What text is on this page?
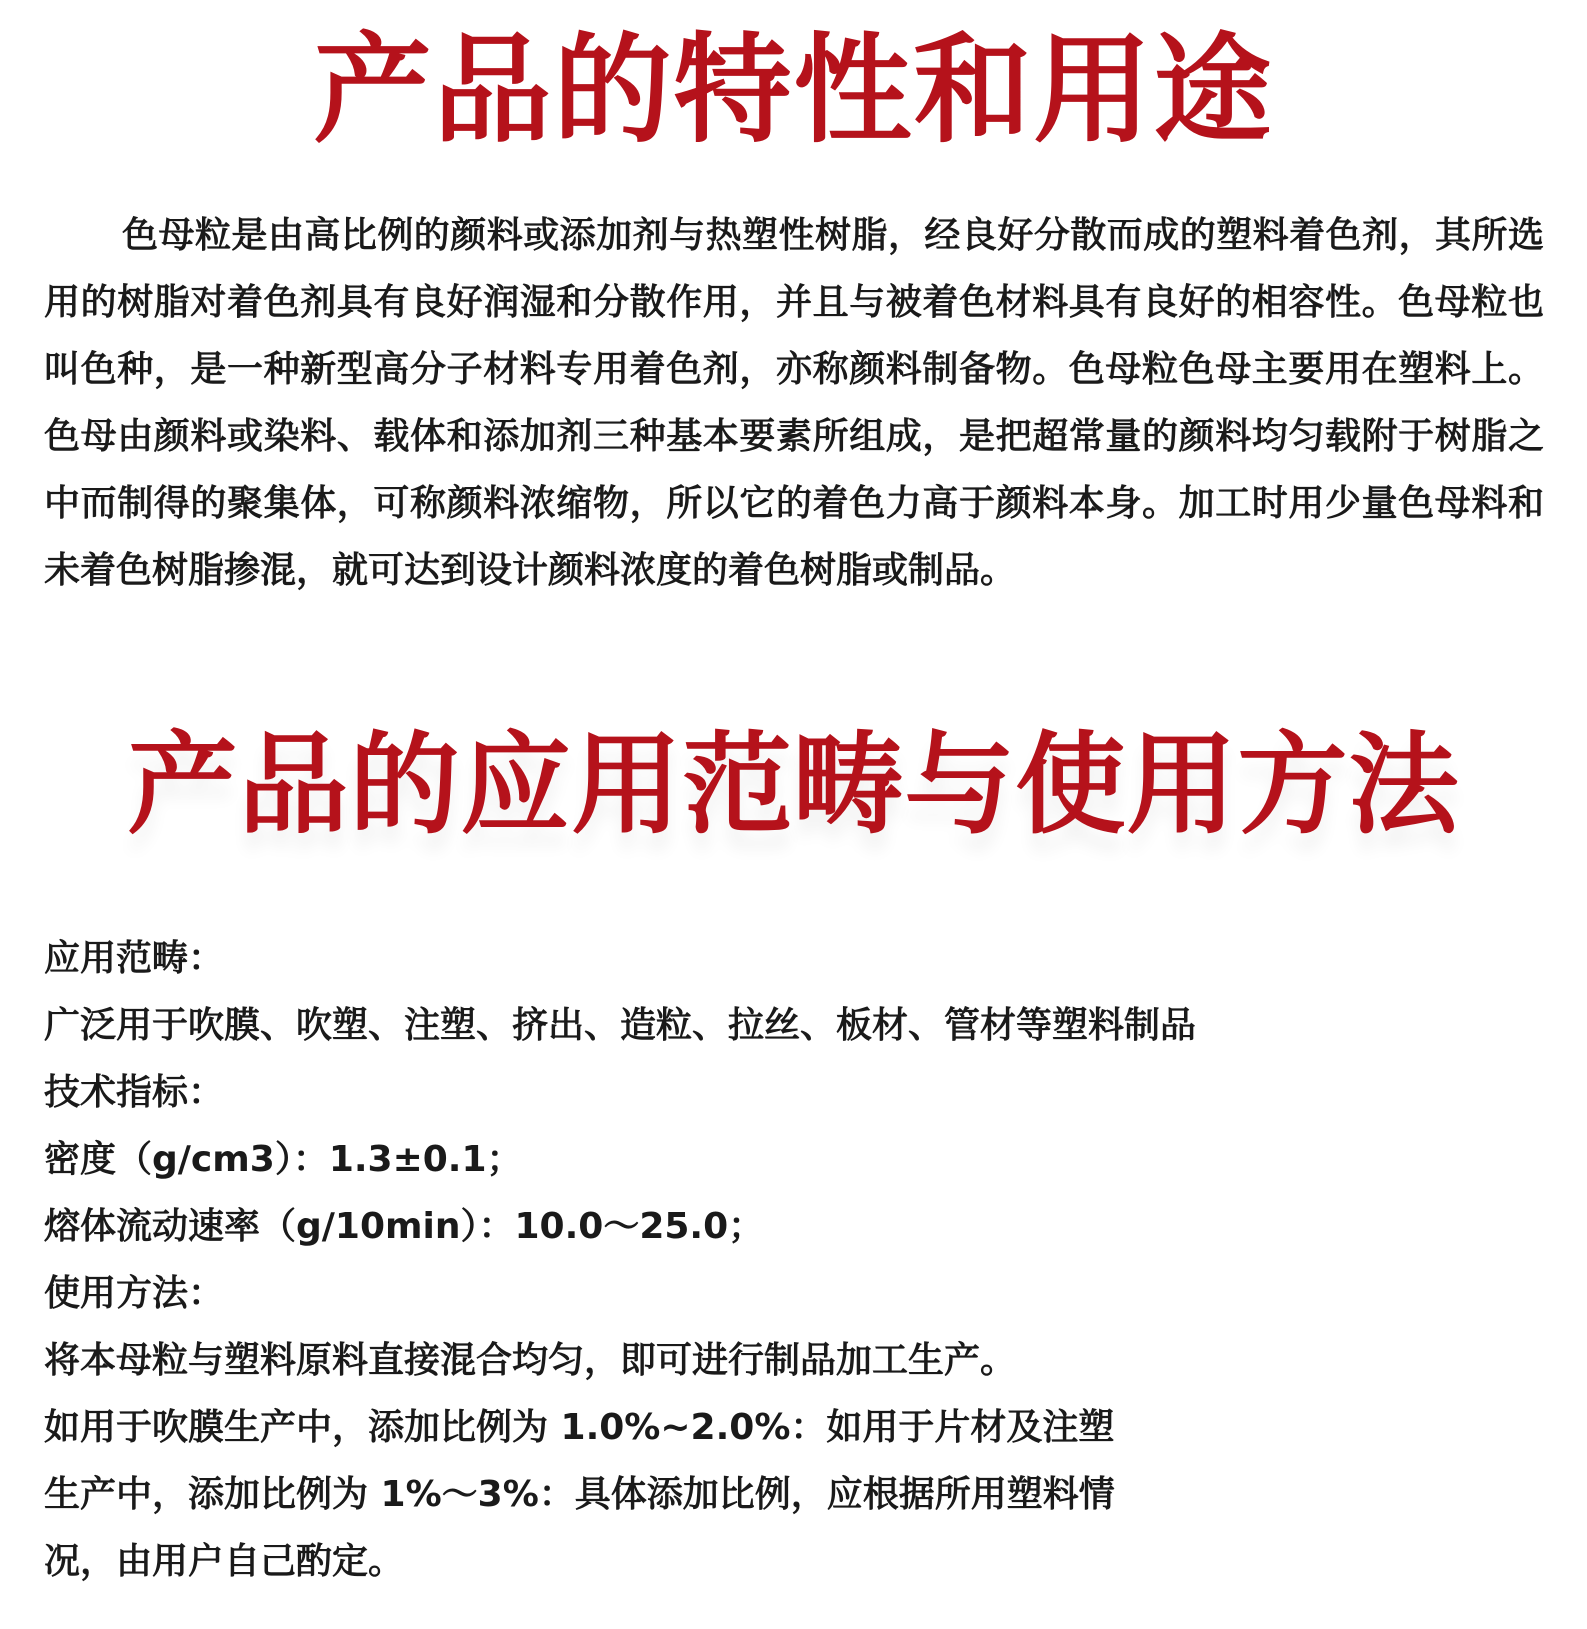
产品的特性和用途

色母粒是由高比例的颜料或添加剂与热塑性树脂，经良好分散而成的塑料着色剂，其所选用的树脂对着色剂具有良好润湿和分散作用，并且与被着色材料具有良好的相容性。色母粒也叫色种，是一种新型高分子材料专用着色剂，亦称颜料制备物。色母粒色母主要用在塑料上。色母由颜料或染料、载体和添加剂三种基本要素所组成，是把超常量的颜料均匀载附于树脂之中而制得的聚集体，可称颜料浓缩物，所以它的着色力高于颜料本身。加工时用少量色母料和未着色树脂掺混，就可达到设计颜料浓度的着色树脂或制品。

产品的应用范畴与使用方法
应用范畴：
广泛用于吹膜、吹塑、注塑、挤出、造粒、拉丝、板材、管材等塑料制品
技术指标：
密度（g/cm3）：1.3±0.1；
熔体流动速率（g/10min）：10.0～25.0；
使用方法：
将本母粒与塑料原料直接混合均匀，即可进行制品加工生产。
如用于吹膜生产中，添加比例为 1.0%~2.0%：如用于片材及注塑
生产中，添加比例为 1%～3%：具体添加比例，应根据所用塑料情
况，由用户自己酌定。
